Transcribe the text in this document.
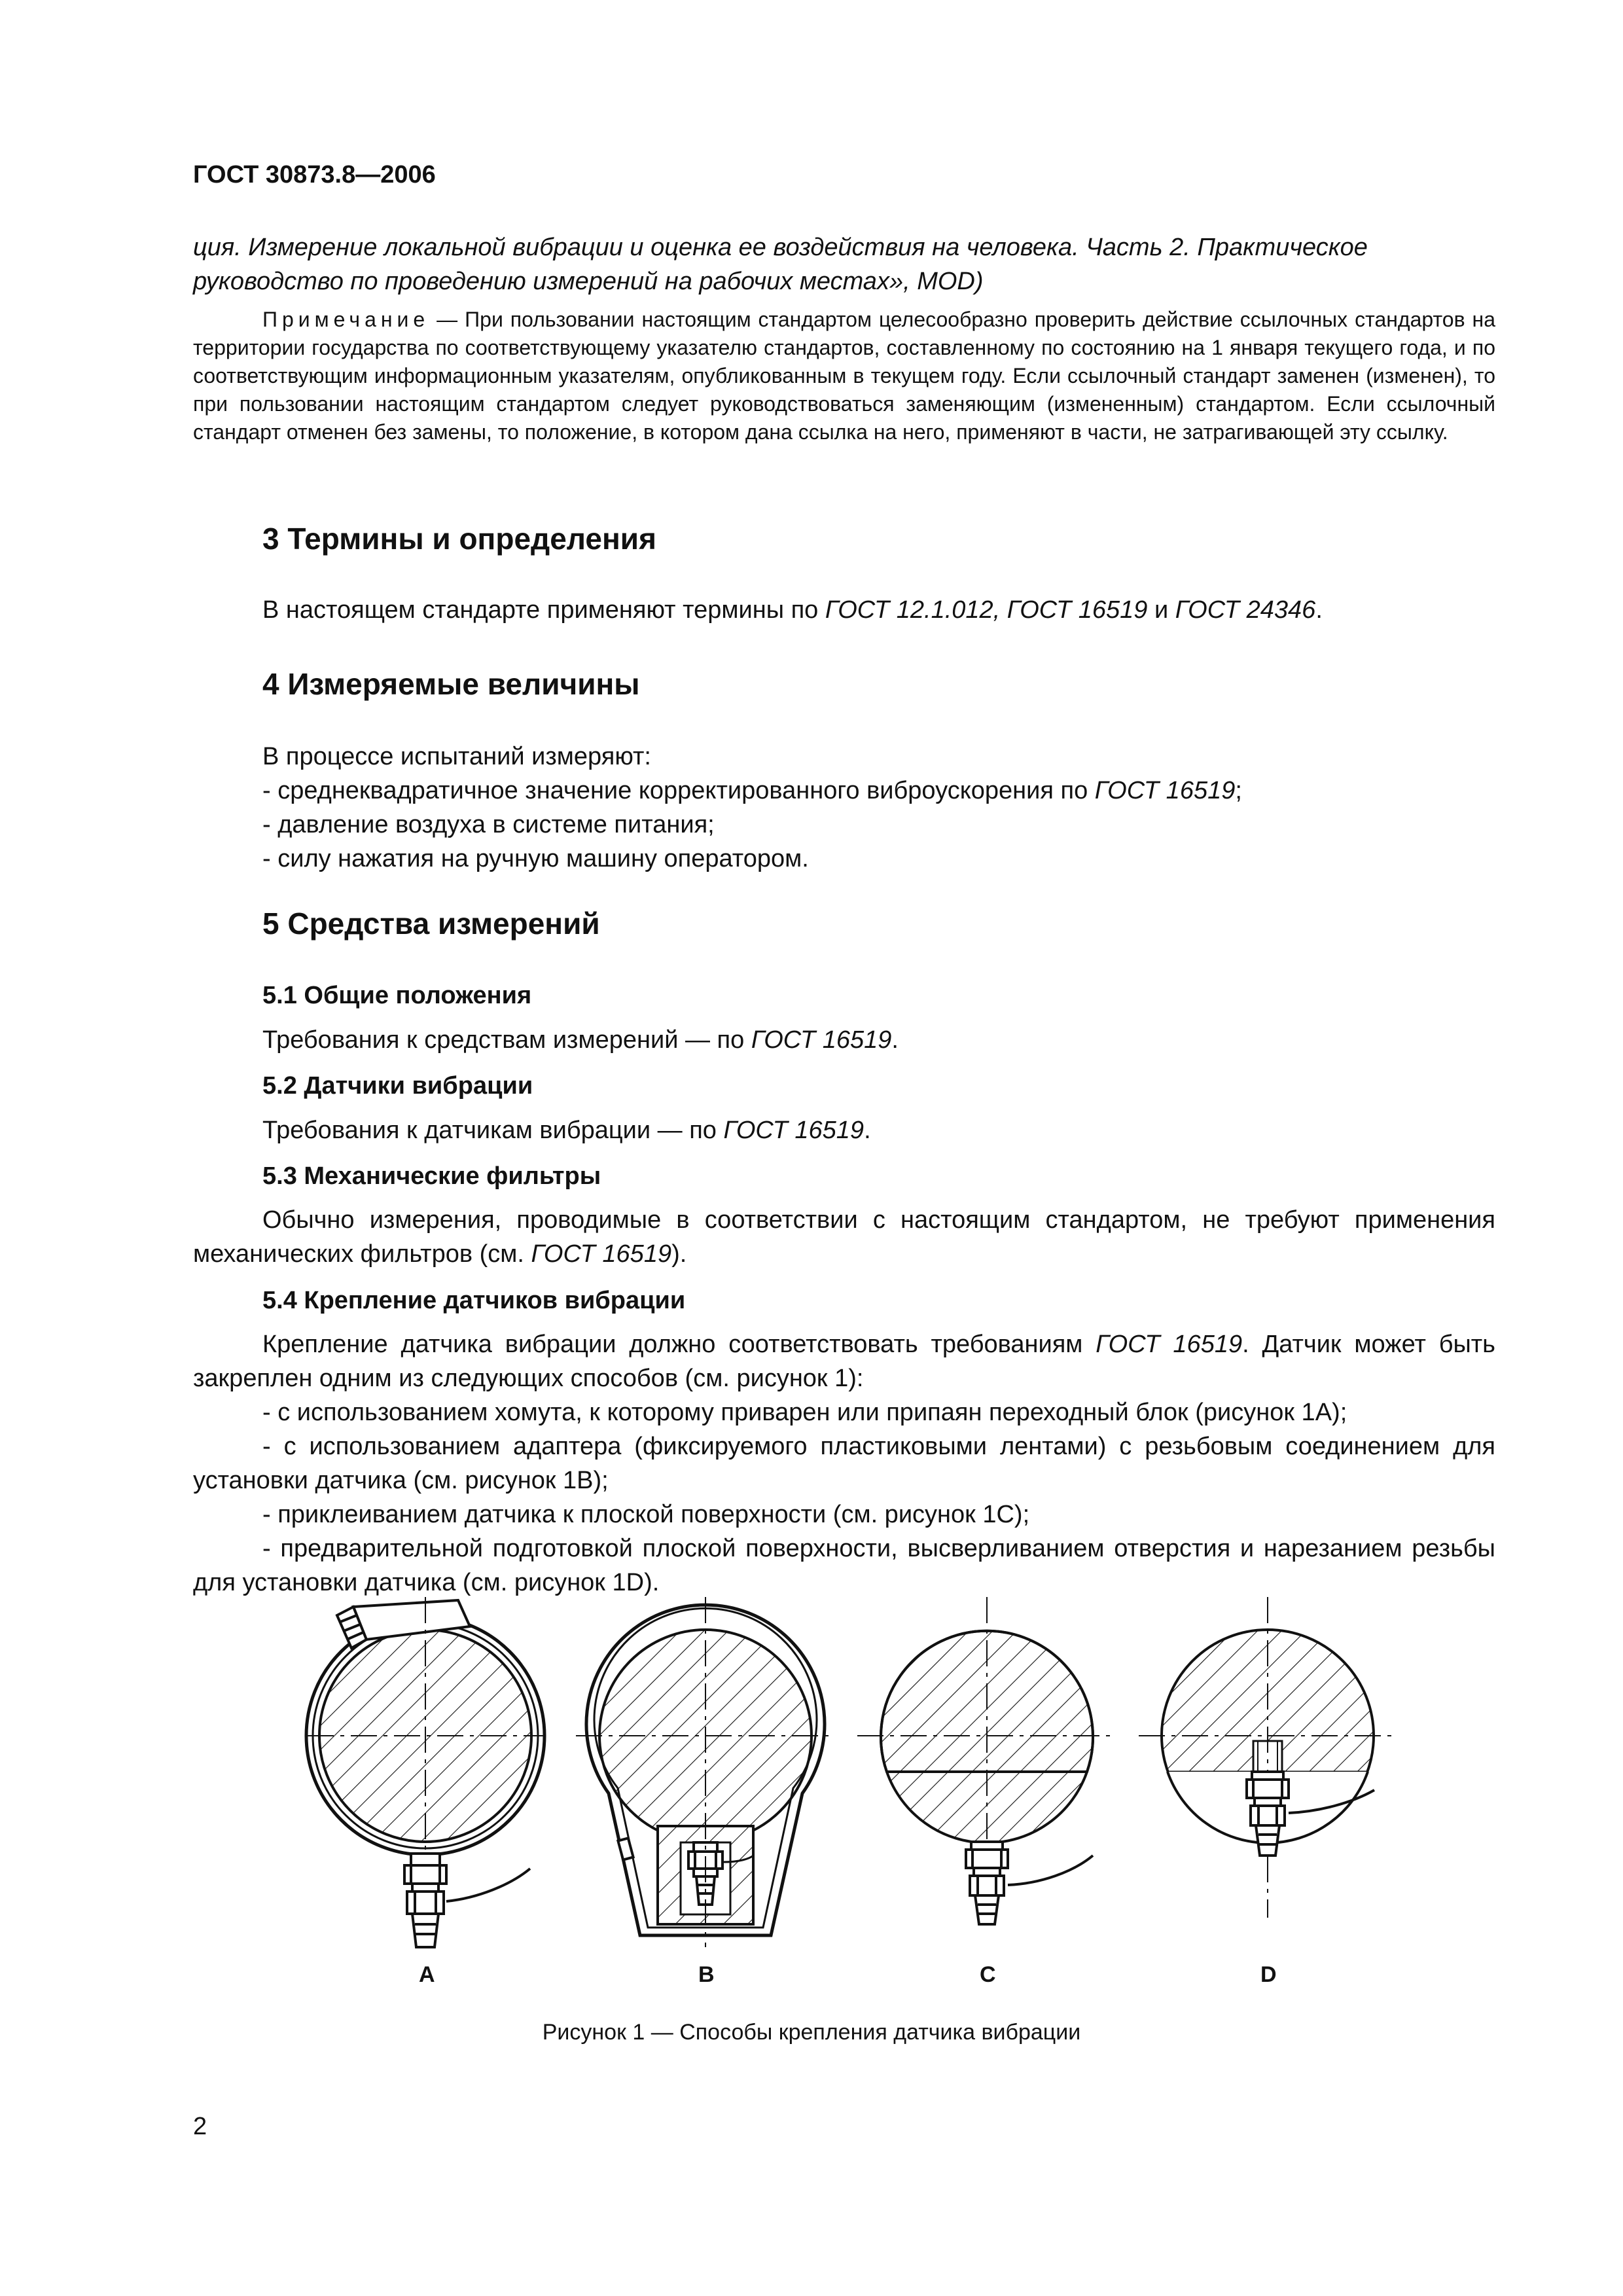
ГОСТ 30873.8—2006
ция. Измерение локальной вибрации и оценка ее воздействия на человека. Часть 2. Практическое
руководство по проведению измерений на рабочих местах», MOD)
Примечание — При пользовании настоящим стандартом целесообразно проверить действие ссылочных стандартов на территории государства по соответствующему указателю стандартов, составленному по состоянию на 1 января текущего года, и по соответствующим информационным указателям, опубликованным в текущем году. Если ссылочный стандарт заменен (изменен), то при пользовании настоящим стандартом следует руководствоваться заменяющим (измененным) стандартом. Если ссылочный стандарт отменен без замены, то положение, в котором дана ссылка на него, применяют в части, не затрагивающей эту ссылку.
3 Термины и определения
В настоящем стандарте применяют термины по ГОСТ 12.1.012, ГОСТ 16519 и ГОСТ 24346.
4 Измеряемые величины
В процессе испытаний измеряют:
- среднеквадратичное значение корректированного виброускорения по ГОСТ 16519;
- давление воздуха в системе питания;
- силу нажатия на ручную машину оператором.
5 Средства измерений
5.1 Общие положения
Требования к средствам измерений — по ГОСТ 16519.
5.2 Датчики вибрации
Требования к датчикам вибрации — по ГОСТ 16519.
5.3 Механические фильтры
Обычно измерения, проводимые в соответствии с настоящим стандартом, не требуют применения механических фильтров (см. ГОСТ 16519).
5.4 Крепление датчиков вибрации
Крепление датчика вибрации должно соответствовать требованиям ГОСТ 16519. Датчик может быть закреплен одним из следующих способов (см. рисунок 1):
- с использованием хомута, к которому приварен или припаян переходный блок (рисунок 1A);
- с использованием адаптера (фиксируемого пластиковыми лентами) с резьбовым соединением для установки датчика (см. рисунок 1B);
- приклеиванием датчика к плоской поверхности (см. рисунок 1C);
- предварительной подготовкой плоской поверхности, высверливанием отверстия и нарезанием резьбы для установки датчика (см. рисунок 1D).
A	B	C	D
Рисунок 1 — Способы крепления датчика вибрации
2
